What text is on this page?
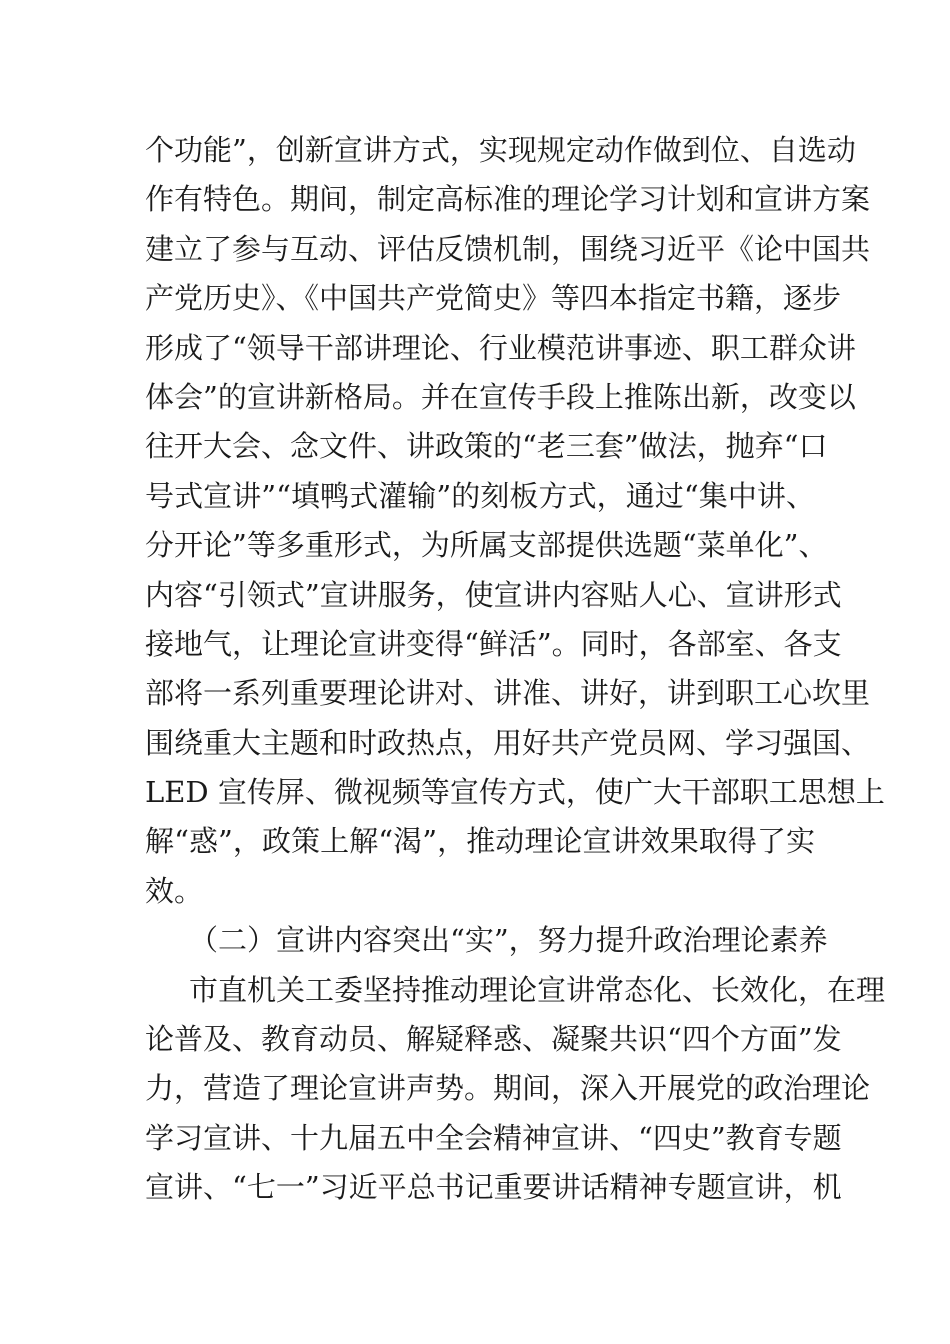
个功能”，创新宣讲方式，实现规定动作做到位、自选动
作有特色。期间，制定高标准的理论学习计划和宣讲方案
建立了参与互动、评估反馈机制，围绕习近平《论中国共
产党历史》、《中国共产党简史》等四本指定书籍，逐步
形成了“领导干部讲理论、行业模范讲事迹、职工群众讲
体会”的宣讲新格局。并在宣传手段上推陈出新，改变以
往开大会、念文件、讲政策的“老三套”做法，抛弃“口
号式宣讲”“填鸭式灌输”的刻板方式，通过“集中讲、
分开论”等多重形式，为所属支部提供选题“菜单化”、
内容“引领式”宣讲服务，使宣讲内容贴人心、宣讲形式
接地气，让理论宣讲变得“鲜活”。同时，各部室、各支
部将一系列重要理论讲对、讲准、讲好，讲到职工心坎里
围绕重大主题和时政热点，用好共产党员网、学习强国、
LED 宣传屏、微视频等宣传方式，使广大干部职工思想上
解“惑”，政策上解“渴”，推动理论宣讲效果取得了实
效。
（二）宣讲内容突出“实”，努力提升政治理论素养
市直机关工委坚持推动理论宣讲常态化、长效化，在理
论普及、教育动员、解疑释惑、凝聚共识“四个方面”发
力，营造了理论宣讲声势。期间，深入开展党的政治理论
学习宣讲、十九届五中全会精神宣讲、“四史”教育专题
宣讲、“七一”习近平总书记重要讲话精神专题宣讲，机
